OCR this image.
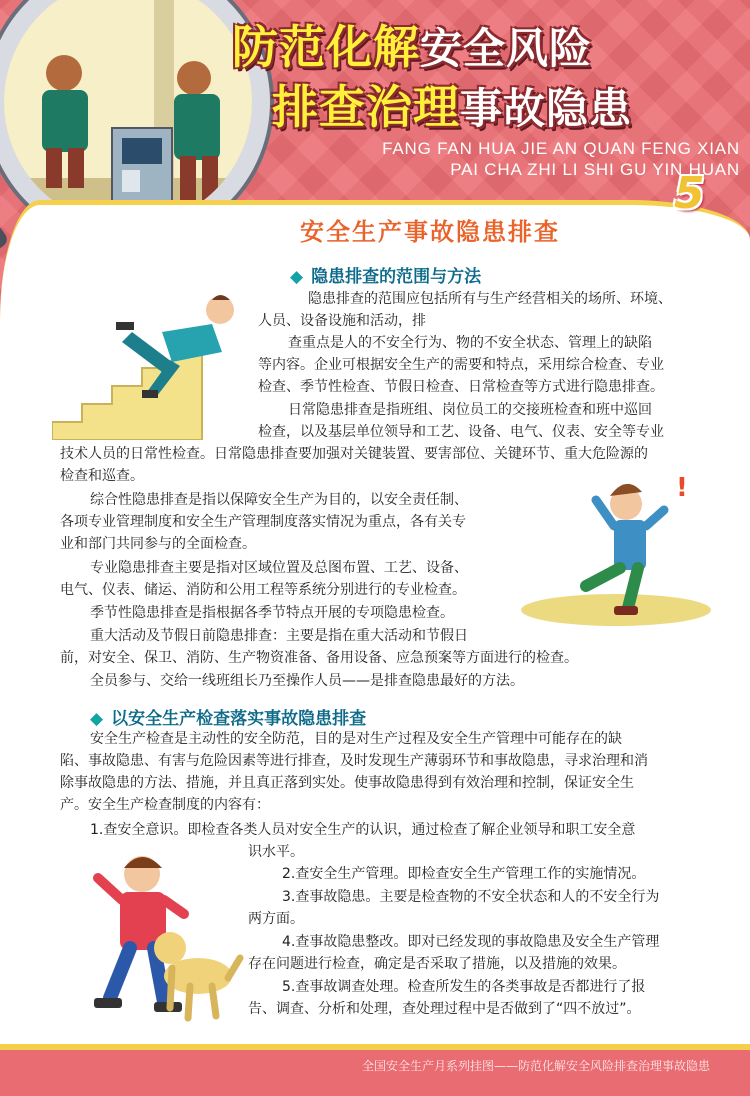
防范化解安全风险
排查治理事故隐患
FANG FAN HUA JIE AN QUAN FENG XIAN
PAI CHA ZHI LI SHI GU YIN HUAN
5
安全生产事故隐患排查
◆ 隐患排查的范围与方法
隐患排查的范围应包括所有与生产经营相关的场所、环境、
人员、设备设施和活动，排
查重点是人的不安全行为、物的不安全状态、管理上的缺陷
等内容。企业可根据安全生产的需要和特点，采用综合检查、专业
检查、季节性检查、节假日检查、日常检查等方式进行隐患排查。
日常隐患排查是指班组、岗位员工的交接班检查和班中巡回
检查，以及基层单位领导和工艺、设备、电气、仪表、安全等专业
技术人员的日常性检查。日常隐患排查要加强对关键装置、要害部位、关键环节、重大危险源的
检查和巡查。
综合性隐患排查是指以保障安全生产为目的，以安全责任制、
各项专业管理制度和安全生产管理制度落实情况为重点，各有关专
业和部门共同参与的全面检查。
专业隐患排查主要是指对区域位置及总图布置、工艺、设备、
电气、仪表、储运、消防和公用工程等系统分别进行的专业检查。
季节性隐患排查是指根据各季节特点开展的专项隐患检查。
重大活动及节假日前隐患排查：主要是指在重大活动和节假日
前，对安全、保卫、消防、生产物资准备、备用设备、应急预案等方面进行的检查。
全员参与、交给一线班组长乃至操作人员——是排查隐患最好的方法。
!
◆ 以安全生产检查落实事故隐患排查
安全生产检查是主动性的安全防范，目的是对生产过程及安全生产管理中可能存在的缺
陷、事故隐患、有害与危险因素等进行排查，及时发现生产薄弱环节和事故隐患，寻求治理和消
除事故隐患的方法、措施，并且真正落到实处。使事故隐患得到有效治理和控制，保证安全生
产。安全生产检查制度的内容有：
1.查安全意识。即检查各类人员对安全生产的认识，通过检查了解企业领导和职工安全意
识水平。
2.查安全生产管理。即检查安全生产管理工作的实施情况。
3.查事故隐患。主要是检查物的不安全状态和人的不安全行为
两方面。
4.查事故隐患整改。即对已经发现的事故隐患及安全生产管理
存在问题进行检查，确定是否采取了措施，以及措施的效果。
5.查事故调查处理。检查所发生的各类事故是否都进行了报
告、调查、分析和处理，查处理过程中是否做到了“四不放过”。
全国安全生产月系列挂图——防范化解安全风险排查治理事故隐患
